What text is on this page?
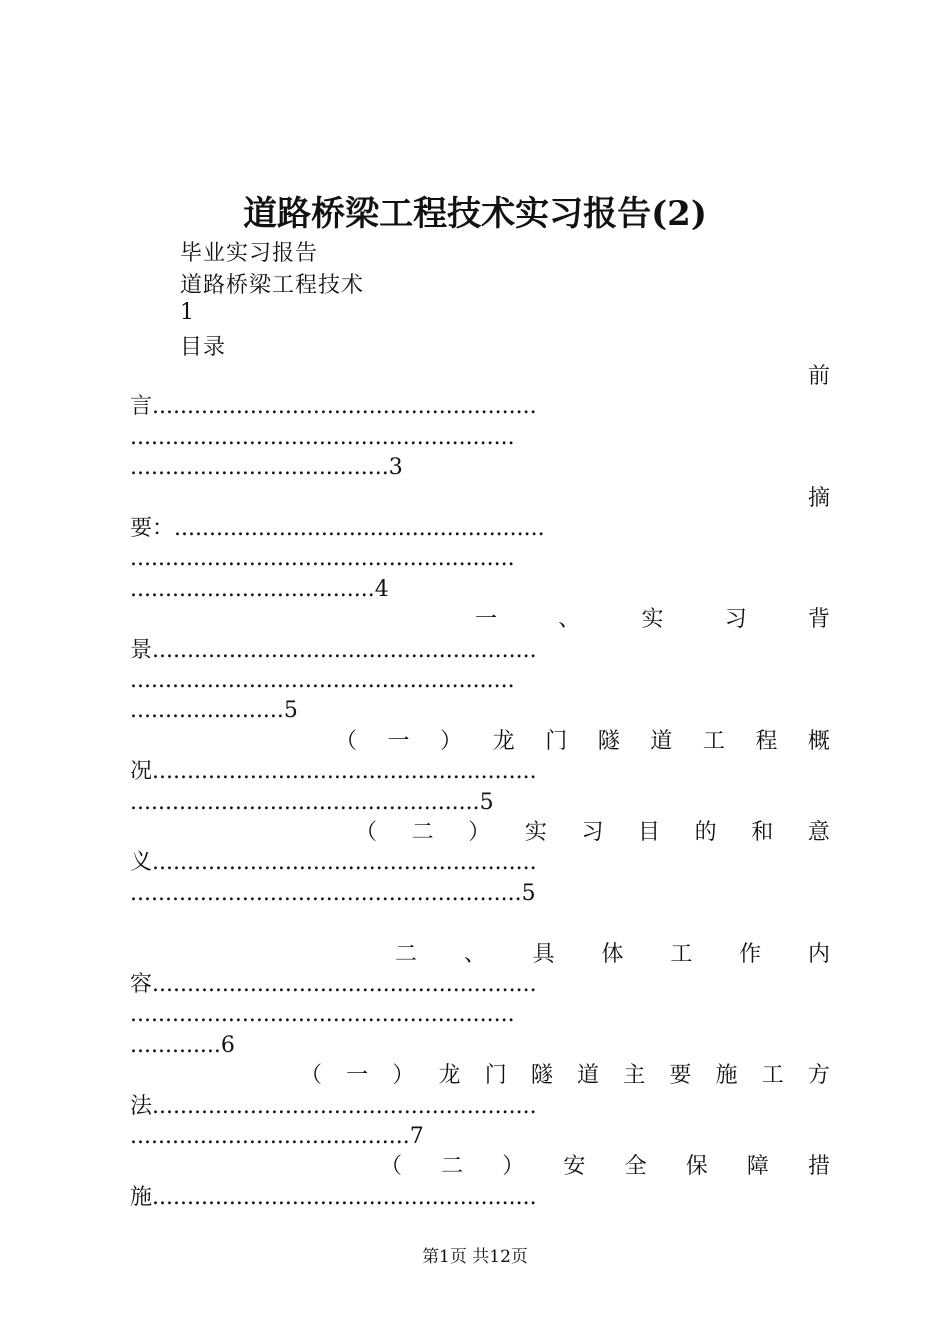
道路桥梁工程技术实习报告(2)
毕业实习报告
道路桥梁工程技术
1
目录
前
言.......................................................
.......................................................
.....................................3
摘
要：.....................................................
.......................................................
...................................4
一	、	实	习	背
景.......................................................
.......................................................
......................5
（ 一 ） 龙 门 隧 道 工 程 概
况.......................................................
..................................................5
（ 二 ） 实 习 目 的 和 意
义.......................................................
........................................................5
二 、 具 体 工 作 内
容.......................................................
.......................................................
.............6
（ 一 ） 龙 门 隧 道 主 要 施 工 方
法.......................................................
........................................7
（ 二 ） 安 全 保 障 措
施.......................................................
第1页 共12页
